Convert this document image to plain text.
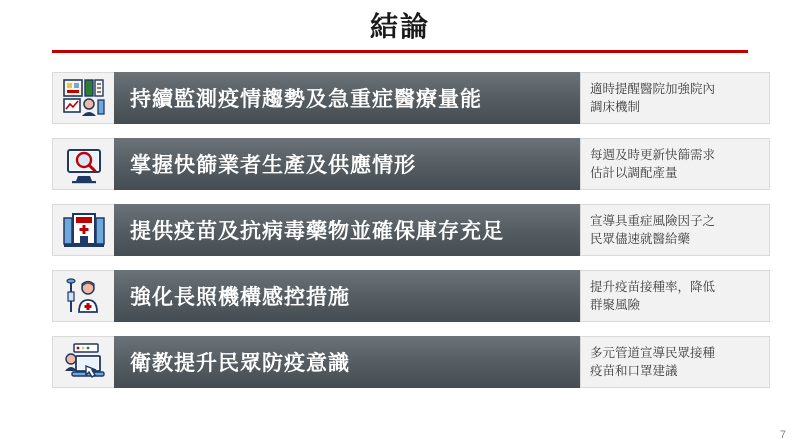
結論
持續監測疫情趨勢及急重症醫療量能	適時提醒醫院加強院內
調床機制
掌握快篩業者生產及供應情形	每週及時更新快篩需求
估計以調配產量
提供疫苗及抗病毒藥物並確保庫存充足	宣導具重症風險因子之
民眾儘速就醫給藥
強化長照機構感控措施	提升疫苗接種率，降低
群聚風險
衛教提升民眾防疫意識	多元管道宣導民眾接種
疫苗和口罩建議
7
